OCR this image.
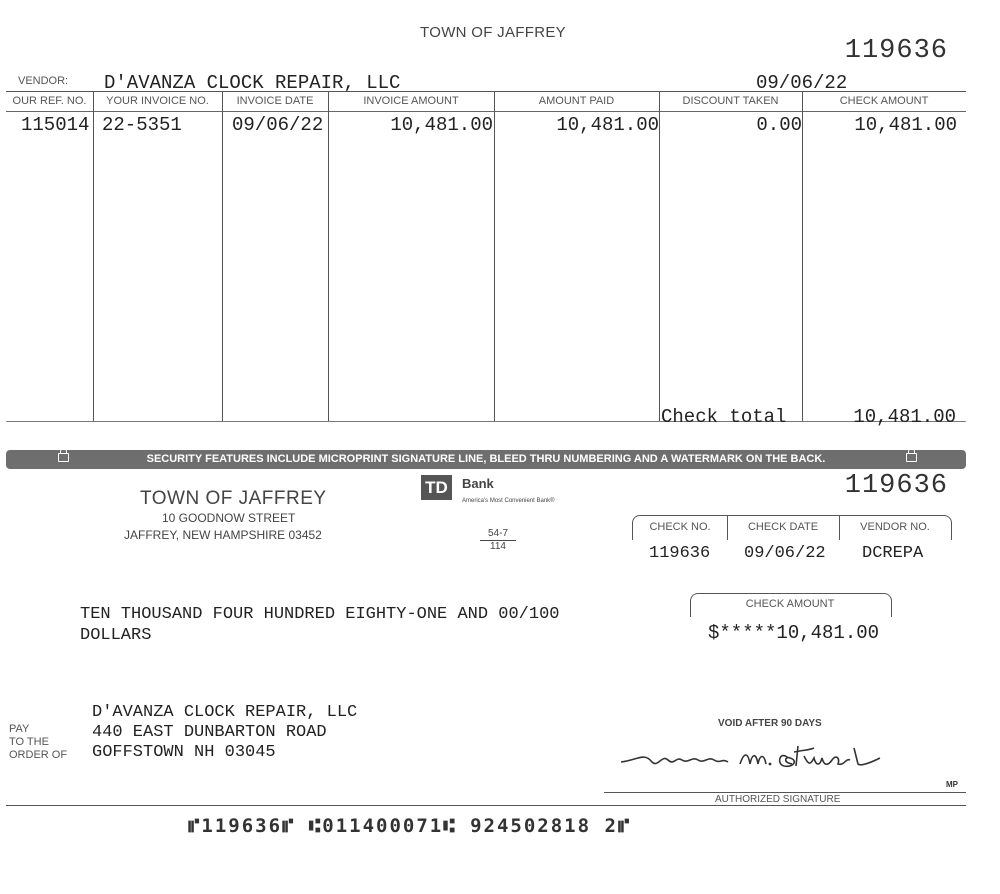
TOWN OF JAFFREY
119636
VENDOR: D'AVANZA CLOCK REPAIR, LLC	09/06/22
OUR REF. NO.	YOUR INVOICE NO.	INVOICE DATE	INVOICE AMOUNT	AMOUNT PAID	DISCOUNT TAKEN	CHECK AMOUNT
115014 22-5351	09/06/22	10,481.00	10,481.00	0.00	10,481.00
Check total	10,481.00
SECURITY FEATURES INCLUDE MICROPRINT SIGNATURE LINE, BLEED THRU NUMBERING AND A WATERMARK ON THE BACK.
TOWN OF JAFFREY
10 GOODNOW STREET
JAFFREY, NEW HAMPSHIRE 03452
TD	Bank
America's Most Convenient Bank®
$\frac{54-7}{114}$
119636
CHECK NO.	CHECK DATE	VENDOR NO.
119636 09/06/22 DCREPA
TEN THOUSAND FOUR HUNDRED EIGHTY-ONE AND 00/100
DOLLARS
CHECK AMOUNT
$*****10,481.00
PAY
TO THE
ORDER OF
D'AVANZA CLOCK REPAIR, LLC
440 EAST DUNBARTON ROAD
GOFFSTOWN NH 03045
VOID AFTER 90 DAYS
AUTHORIZED SIGNATURE
MP
⑈119636⑈ ⑆011400071⑆ 924502818 2⑈
